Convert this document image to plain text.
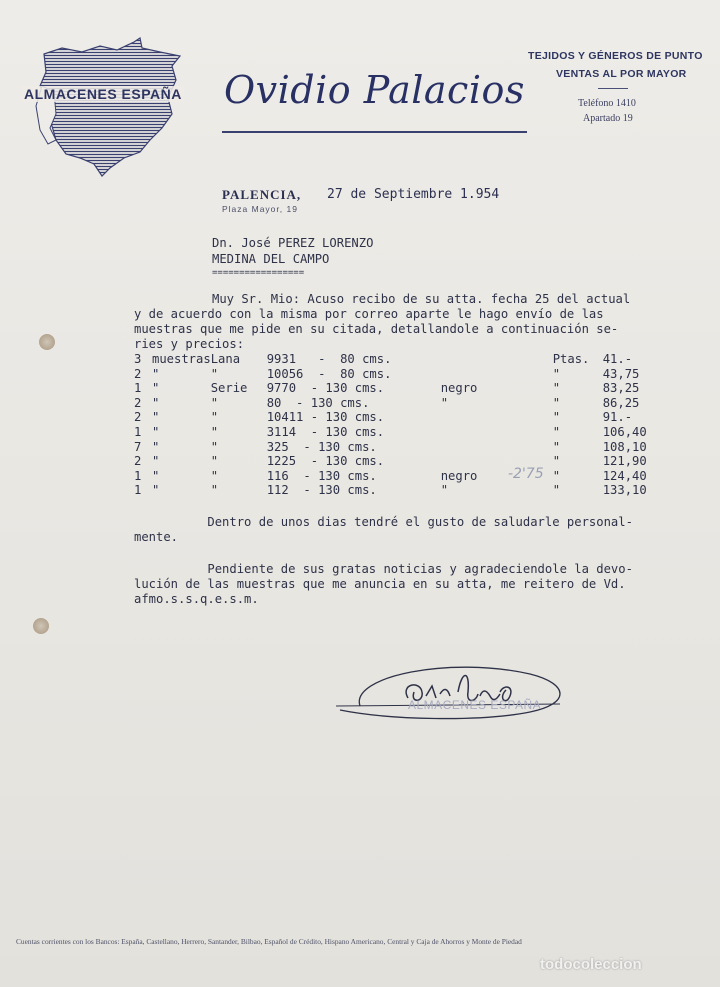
ALMACENES ESPAÑA Ovidio Palacios
TEJIDOS Y GÉNEROS DE PUNTO
VENTAS AL POR MAYOR
Teléfono 1410
Apartado 19
PALENCIA, 27 de Septiembre 1.954
Plaza Mayor, 19
Dn. José PEREZ LORENZO
MEDINA DEL CAMPO
=================
Muy Sr. Mio: Acuso recibo de su atta. fecha 25 del actual
y de acuerdo con la misma por correo aparte le hago envío de las
muestras que me pide en su citada, detallandole a continuación se-
ries y precios:
3	muestras	Lana	9931   -  80 cms.		Ptas.	41.-
2	"	"	10056  -  80 cms.		"	43,75
1	"	Serie	9770  - 130 cms.	negro	"	83,25
2	"	"	80  - 130 cms.	"	"	86,25
2	"	"	10411 - 130 cms.		"	91.-
1	"	"	3114  - 130 cms.		"	106,40
7	"	"	325  - 130 cms.		"	108,10
2	"	"	1225  - 130 cms.		"	121,90
1	"	"	116  - 130 cms.	negro	"	124,40
1	"	"	112  - 130 cms.	"	"	133,10
-2'75
Dentro de unos dias tendré el gusto de saludarle personal-
mente.
Pendiente de sus gratas noticias y agradeciendole la devo-
lución de las muestras que me anuncia en su atta, me reitero de Vd.
afmo.s.s.q.e.s.m.
ALMACENES ESPAÑA
Cuentas corrientes con los Bancos: España, Castellano, Herrero, Santander, Bilbao, Español de Crédito, Hispano Americano, Central y Caja de Ahorros y Monte de Piedad
todocoleccion
